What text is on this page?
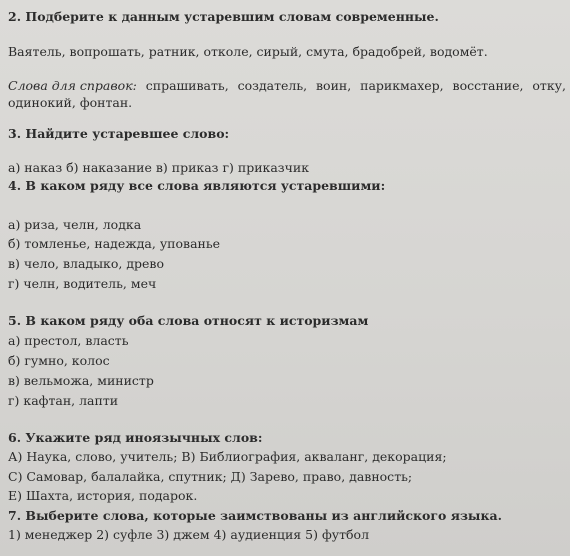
2. Подберите к данным устаревшим словам современные.
Ваятель, вопрошать, ратник, отколе, сирый, смута, брадобрей, водомёт.
Слова для справок: спрашивать, создатель, воин, парикмахер, восстание, отку,
одинокий, фонтан.
3. Найдите устаревшее слово:
а) наказ б) наказание в) приказ г) приказчик
4. В каком ряду все слова являются устаревшими:
а) риза, челн, лодка
б) томленье, надежда, упованье
в) чело, владыко, древо
г) челн, водитель, меч
5. В каком ряду оба слова относят к историзмам
а) престол, власть
б) гумно, колос
в) вельможа, министр
г) кафтан, лапти
6. Укажите ряд иноязычных слов:
А) Наука, слово, учитель; В) Библиография, акваланг, декорация;
С) Самовар, балалайка, спутник; Д) Зарево, право, давность;
Е) Шахта, история, подарок.
7. Выберите слова, которые заимствованы из английского языка.
1) менеджер 2) суфле 3) джем 4) аудиенция 5) футбол
